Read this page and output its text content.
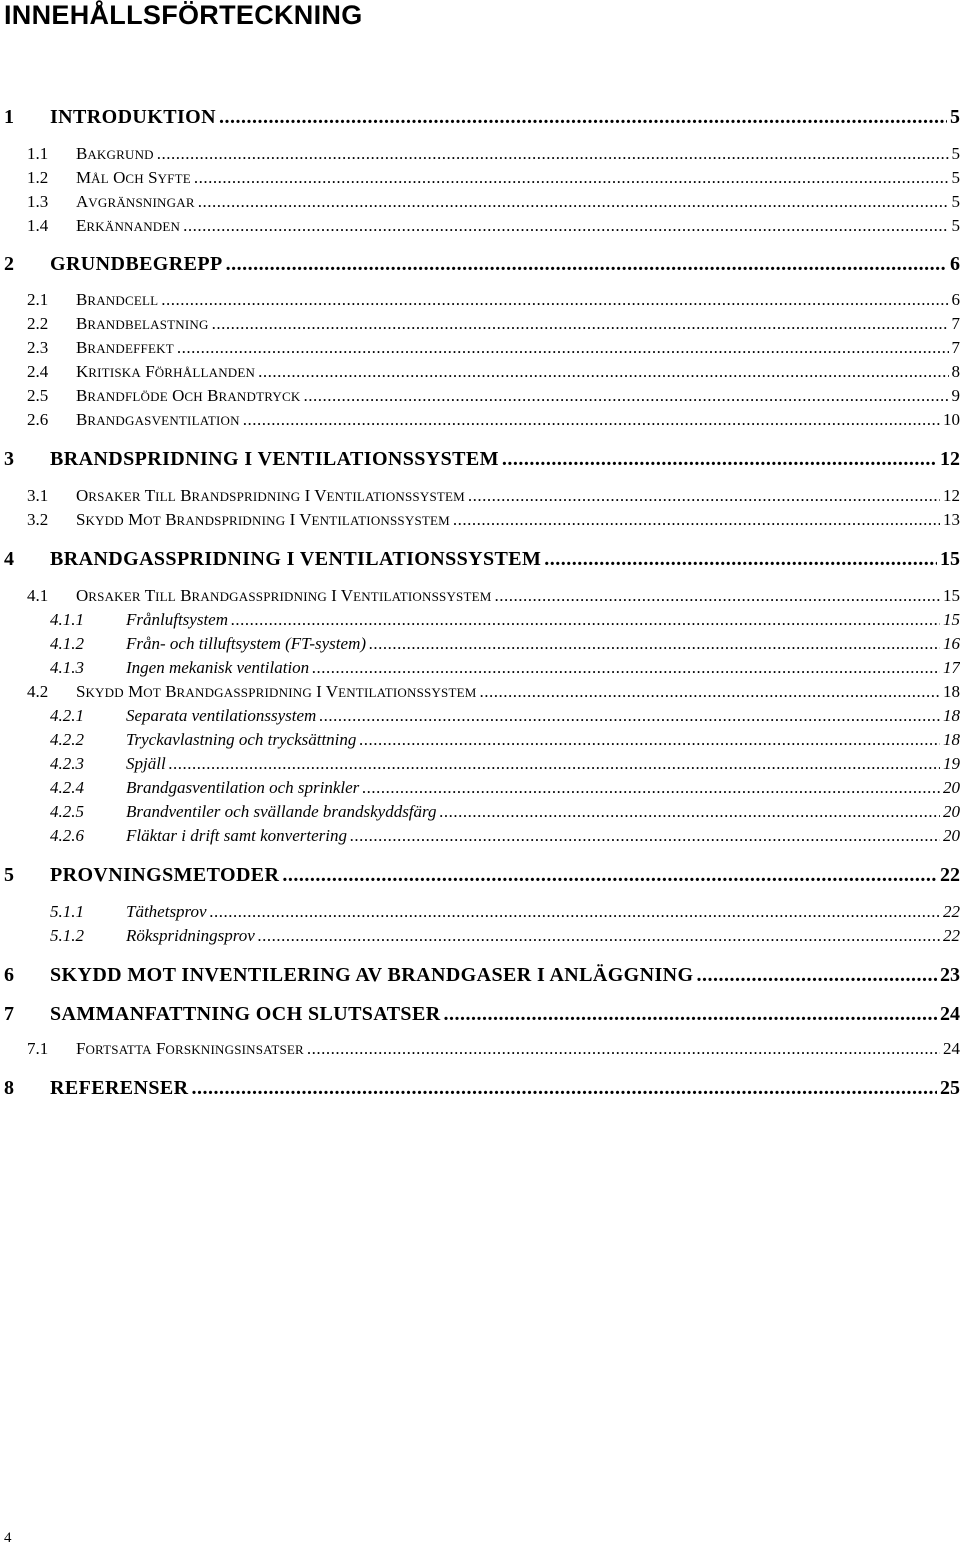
INNEHÅLLSFÖRTECKNING
1 INTRODUKTION .....	5
1.1 BAKGRUND .....	5
1.2 MÅL OCH SYFTE .....	5
1.3 AVGRÄNSNINGAR .....	5
1.4 ERKÄNNANDEN .....	5
2 GRUNDBEGREPP .....	6
2.1 BRANDCELL .....	6
2.2 BRANDBELASTNING .....	7
2.3 BRANDEFFEKT .....	7
2.4 KRITISKA FÖRHÅLLANDEN .....	8
2.5 BRANDFLÖDE OCH BRANDTRYCK .....	9
2.6 BRANDGASVENTILATION .....	10
3 BRANDSPRIDNING I VENTILATIONSSYSTEM .....	12
3.1 ORSAKER TILL BRANDSPRIDNING I VENTILATIONSSYSTEM .....	12
3.2 SKYDD MOT BRANDSPRIDNING I VENTILATIONSSYSTEM .....	13
4 BRANDGASSPRIDNING I VENTILATIONSSYSTEM .....	15
4.1 ORSAKER TILL BRANDGASSPRIDNING I VENTILATIONSSYSTEM .....	15
4.1.1 Frånluftsystem .....	15
4.1.2 Från- och tilluftsystem (FT-system) .....	16
4.1.3 Ingen mekanisk ventilation .....	17
4.2 SKYDD MOT BRANDGASSPRIDNING I VENTILATIONSSYSTEM .....	18
4.2.1 Separata ventilationssystem .....	18
4.2.2 Tryckavlastning och trycksättning .....	18
4.2.3 Spjäll .....	19
4.2.4 Brandgasventilation och sprinkler .....	20
4.2.5 Brandventiler och svällande brandskyddsfärg .....	20
4.2.6 Fläktar i drift samt konvertering .....	20
5 PROVNINGSMETODER .....	22
5.1.1 Täthetsprov .....	22
5.1.2 Rökspridningsprov .....	22
6 SKYDD MOT INVENTILERING AV BRANDGASER I ANLÄGGNING .....	23
7 SAMMANFATTNING OCH SLUTSATSER .....	24
7.1 FORTSATTA FORSKNINGSINSATSER .....	24
8 REFERENSER .....	25
4
